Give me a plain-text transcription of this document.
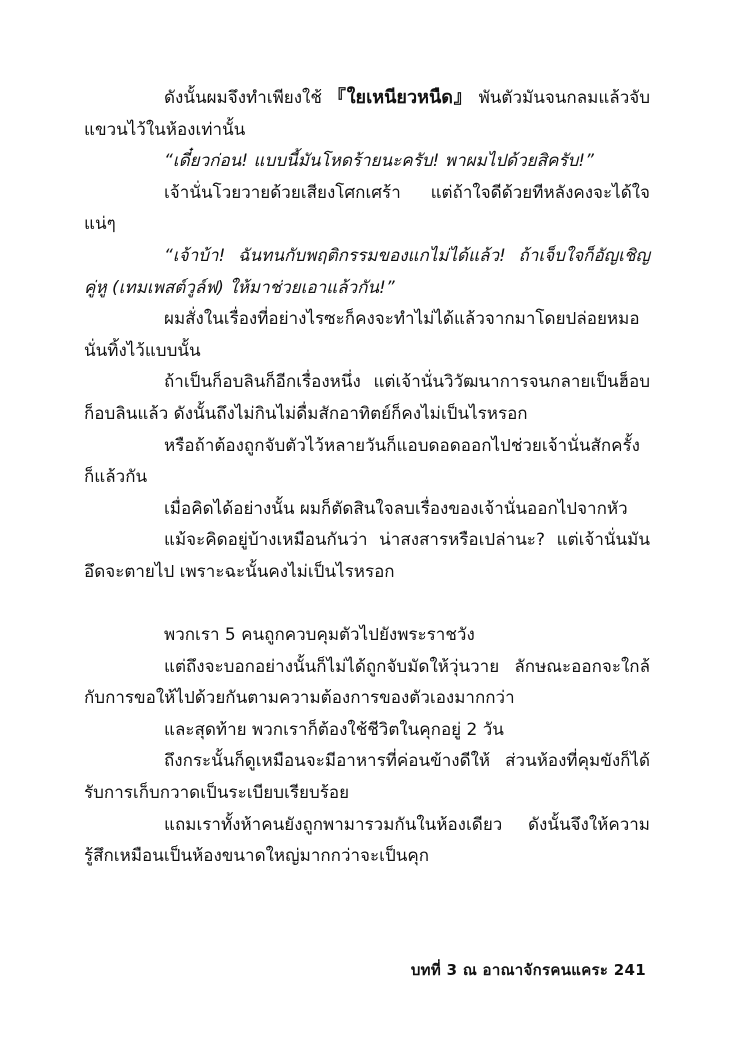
ดังนั้นผมจึงทำเพียงใช้ 『ใยเหนียวหนืด』 พันตัวมันจนกลมแล้วจับแขวนไว้ในห้องเท่านั้น

“เดี๋ยวก่อน! แบบนี้มันโหดร้ายนะครับ! พาผมไปด้วยสิครับ!”

เจ้านั่นโวยวายด้วยเสียงโศกเศร้า แต่ถ้าใจดีด้วยทีหลังคงจะได้ใจแน่ๆ

“เจ้าบ้า! ฉันทนกับพฤติกรรมของแกไม่ได้แล้ว! ถ้าเจ็บใจก็อัญเชิญคู่หู (เทมเพสต์วูล์ฟ) ให้มาช่วยเอาแล้วกัน!”

ผมสั่งในเรื่องที่อย่างไรซะก็คงจะทำไม่ได้แล้วจากมาโดยปล่อยหมอนั่นทิ้งไว้แบบนั้น

ถ้าเป็นก็อบลินก็อีกเรื่องหนึ่ง แต่เจ้านั่นวิวัฒนาการจนกลายเป็นฮ็อบก็อบลินแล้ว ดังนั้นถึงไม่กินไม่ดื่มสักอาทิตย์ก็คงไม่เป็นไรหรอก

หรือถ้าต้องถูกจับตัวไว้หลายวันก็แอบดอดออกไปช่วยเจ้านั่นสักครั้งก็แล้วกัน

เมื่อคิดได้อย่างนั้น ผมก็ตัดสินใจลบเรื่องของเจ้านั่นออกไปจากหัว

แม้จะคิดอยู่บ้างเหมือนกันว่า น่าสงสารหรือเปล่านะ? แต่เจ้านั่นมันอึดจะตายไป เพราะฉะนั้นคงไม่เป็นไรหรอก

พวกเรา 5 คนถูกควบคุมตัวไปยังพระราชวัง

แต่ถึงจะบอกอย่างนั้นก็ไม่ได้ถูกจับมัดให้วุ่นวาย ลักษณะออกจะใกล้กับการขอให้ไปด้วยกันตามความต้องการของตัวเองมากกว่า

และสุดท้าย พวกเราก็ต้องใช้ชีวิตในคุกอยู่ 2 วัน

ถึงกระนั้นก็ดูเหมือนจะมีอาหารที่ค่อนข้างดีให้ ส่วนห้องที่คุมขังก็ได้รับการเก็บกวาดเป็นระเบียบเรียบร้อย

แถมเราทั้งห้าคนยังถูกพามารวมกันในห้องเดียว ดังนั้นจึงให้ความรู้สึกเหมือนเป็นห้องขนาดใหญ่มากกว่าจะเป็นคุก

บทที่ 3 ณ อาณาจักรคนแคระ 241
